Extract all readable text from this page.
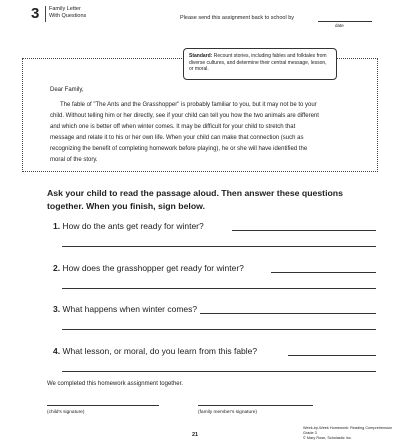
3 Family Letter
With Questions	Please send this assignment back to school by
date
Standard: Recount stories, including fables and folktales from diverse cultures, and determine their central message, lesson, or moral.

Dear Family,

The fable of "The Ants and the Grasshopper" is probably familiar to you, but it may not be to your child. Without telling him or her directly, see if your child can tell you how the two animals are different and which one is better off when winter comes. It may be difficult for your child to stretch that message and relate it to his or her own life. When your child can make that connection (such as recognizing the benefit of completing homework before playing), he or she will have identified the moral of the story.

Ask your child to read the passage aloud. Then answer these questions together. When you finish, sign below.
1. How do the ants get ready for winter?
2. How does the grasshopper get ready for winter?
3. What happens when winter comes?
4. What lesson, or moral, do you learn from this fable?
We completed this homework assignment together.
(child's signature)	(family member's signature)
21
Week-by-Week Homework: Reading Comprehension Grade 3
© Mary Rose, Scholastic Inc.
